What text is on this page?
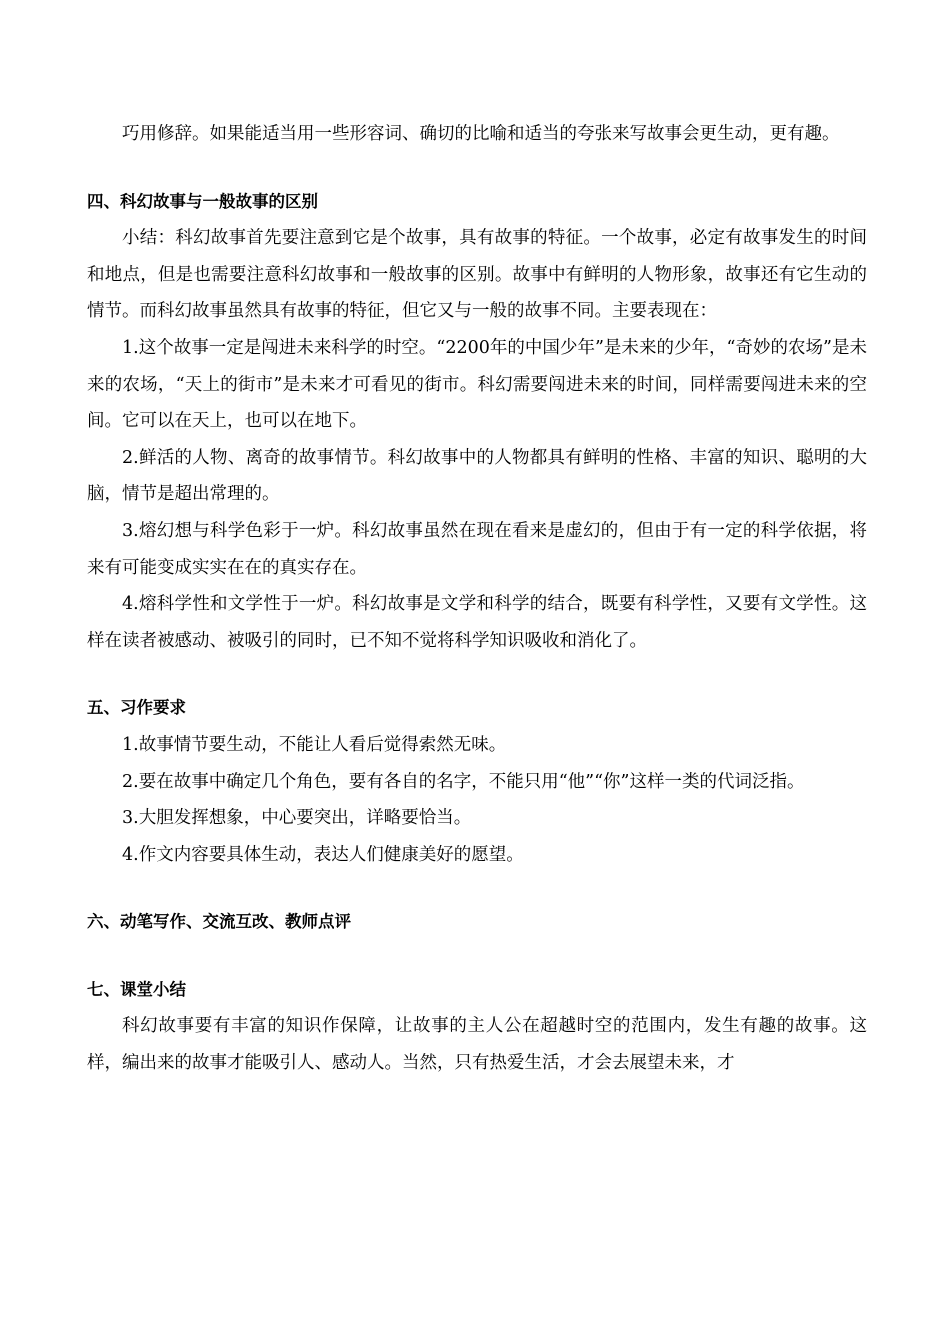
巧用修辞。如果能适当用一些形容词、确切的比喻和适当的夸张来写故事会更生动，更有趣。

四、科幻故事与一般故事的区别

小结：科幻故事首先要注意到它是个故事，具有故事的特征。一个故事，必定有故事发生的时间和地点，但是也需要注意科幻故事和一般故事的区别。故事中有鲜明的人物形象，故事还有它生动的情节。而科幻故事虽然具有故事的特征，但它又与一般的故事不同。主要表现在：

1.这个故事一定是闯进未来科学的时空。“2200年的中国少年”是未来的少年，“奇妙的农场”是未来的农场，“天上的街市”是未来才可看见的街市。科幻需要闯进未来的时间，同样需要闯进未来的空间。它可以在天上，也可以在地下。

2.鲜活的人物、离奇的故事情节。科幻故事中的人物都具有鲜明的性格、丰富的知识、聪明的大脑，情节是超出常理的。

3.熔幻想与科学色彩于一炉。科幻故事虽然在现在看来是虚幻的，但由于有一定的科学依据，将来有可能变成实实在在的真实存在。

4.熔科学性和文学性于一炉。科幻故事是文学和科学的结合，既要有科学性，又要有文学性。这样在读者被感动、被吸引的同时，已不知不觉将科学知识吸收和消化了。

五、习作要求

1.故事情节要生动，不能让人看后觉得索然无味。

2.要在故事中确定几个角色，要有各自的名字，不能只用“他”“你”这样一类的代词泛指。

3.大胆发挥想象，中心要突出，详略要恰当。

4.作文内容要具体生动，表达人们健康美好的愿望。

六、动笔写作、交流互改、教师点评
七、课堂小结

科幻故事要有丰富的知识作保障，让故事的主人公在超越时空的范围内，发生有趣的故事。这样，编出来的故事才能吸引人、感动人。当然，只有热爱生活，才会去展望未来，才
